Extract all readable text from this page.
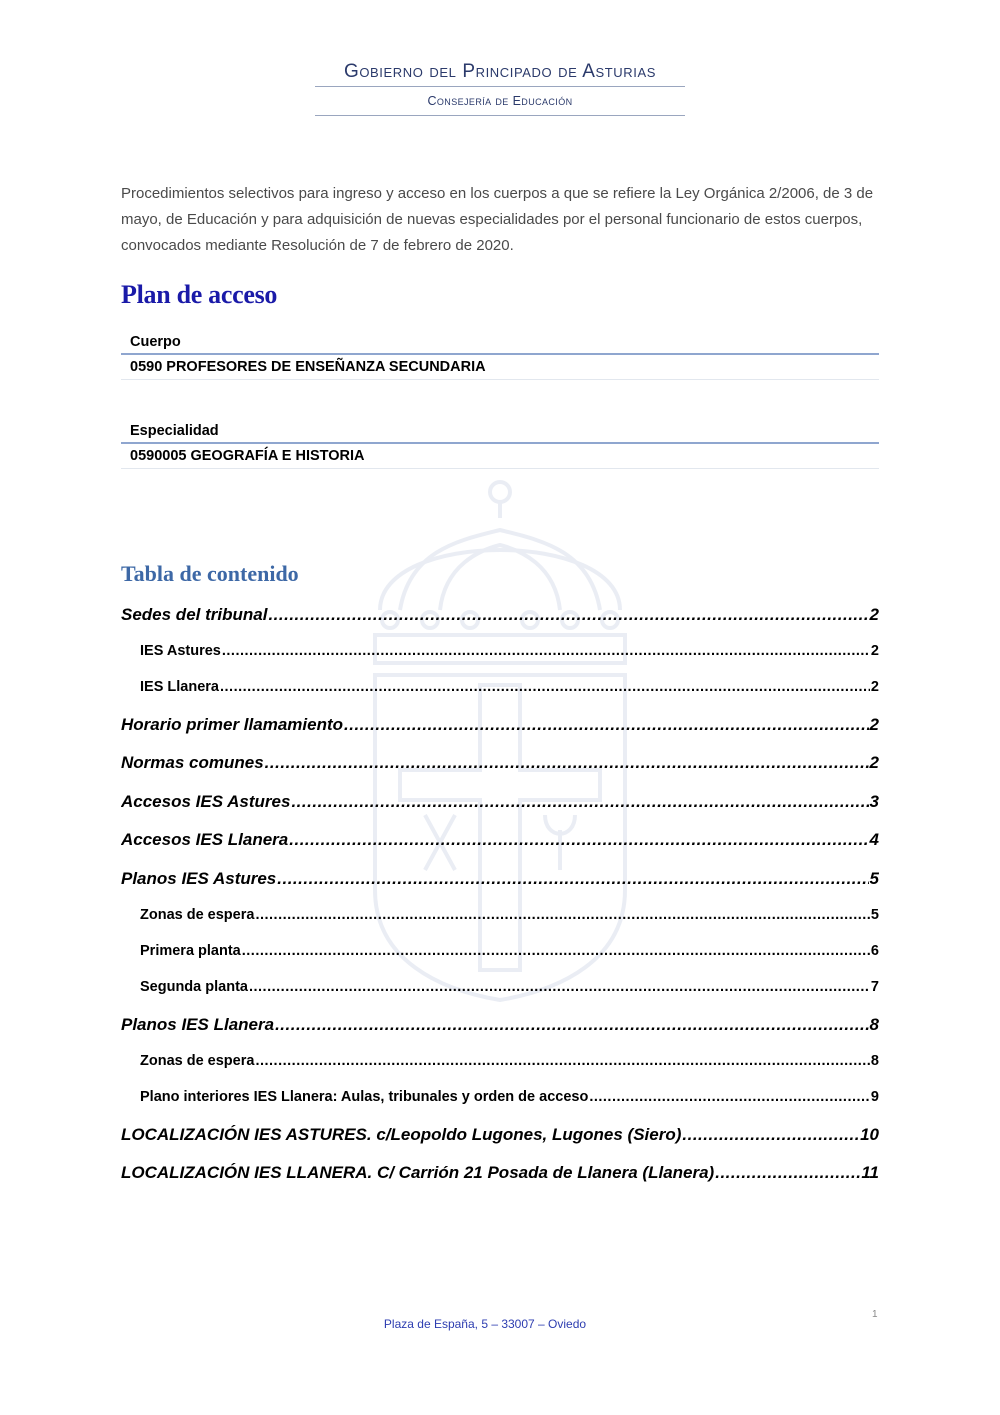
Gobierno del Principado de Asturias
Consejería de Educación
Procedimientos selectivos para ingreso y acceso en los cuerpos a que se refiere la Ley Orgánica 2/2006, de 3 de mayo, de Educación y para adquisición de nuevas especialidades por el personal funcionario de estos cuerpos, convocados mediante Resolución de 7 de febrero de 2020.
Plan de acceso
Cuerpo
0590 PROFESORES DE ENSEÑANZA SECUNDARIA
Especialidad
0590005 GEOGRAFÍA E HISTORIA
Tabla de contenido
Sedes del tribunal .....	2
IES Astures .....	2
IES Llanera .....	2
Horario primer llamamiento .....	2
Normas comunes .....	2
Accesos IES Astures .....	3
Accesos IES Llanera .....	4
Planos IES Astures .....	5
Zonas de espera .....	5
Primera planta .....	6
Segunda planta .....	7
Planos IES Llanera .....	8
Zonas de espera .....	8
Plano interiores IES Llanera: Aulas, tribunales y orden de acceso .....	9
LOCALIZACIÓN IES ASTURES. c/Leopoldo Lugones, Lugones (Siero) .....	10
LOCALIZACIÓN IES LLANERA. C/ Carrión 21 Posada de Llanera (Llanera) .....	11
Plaza de España, 5 – 33007 – Oviedo
1
